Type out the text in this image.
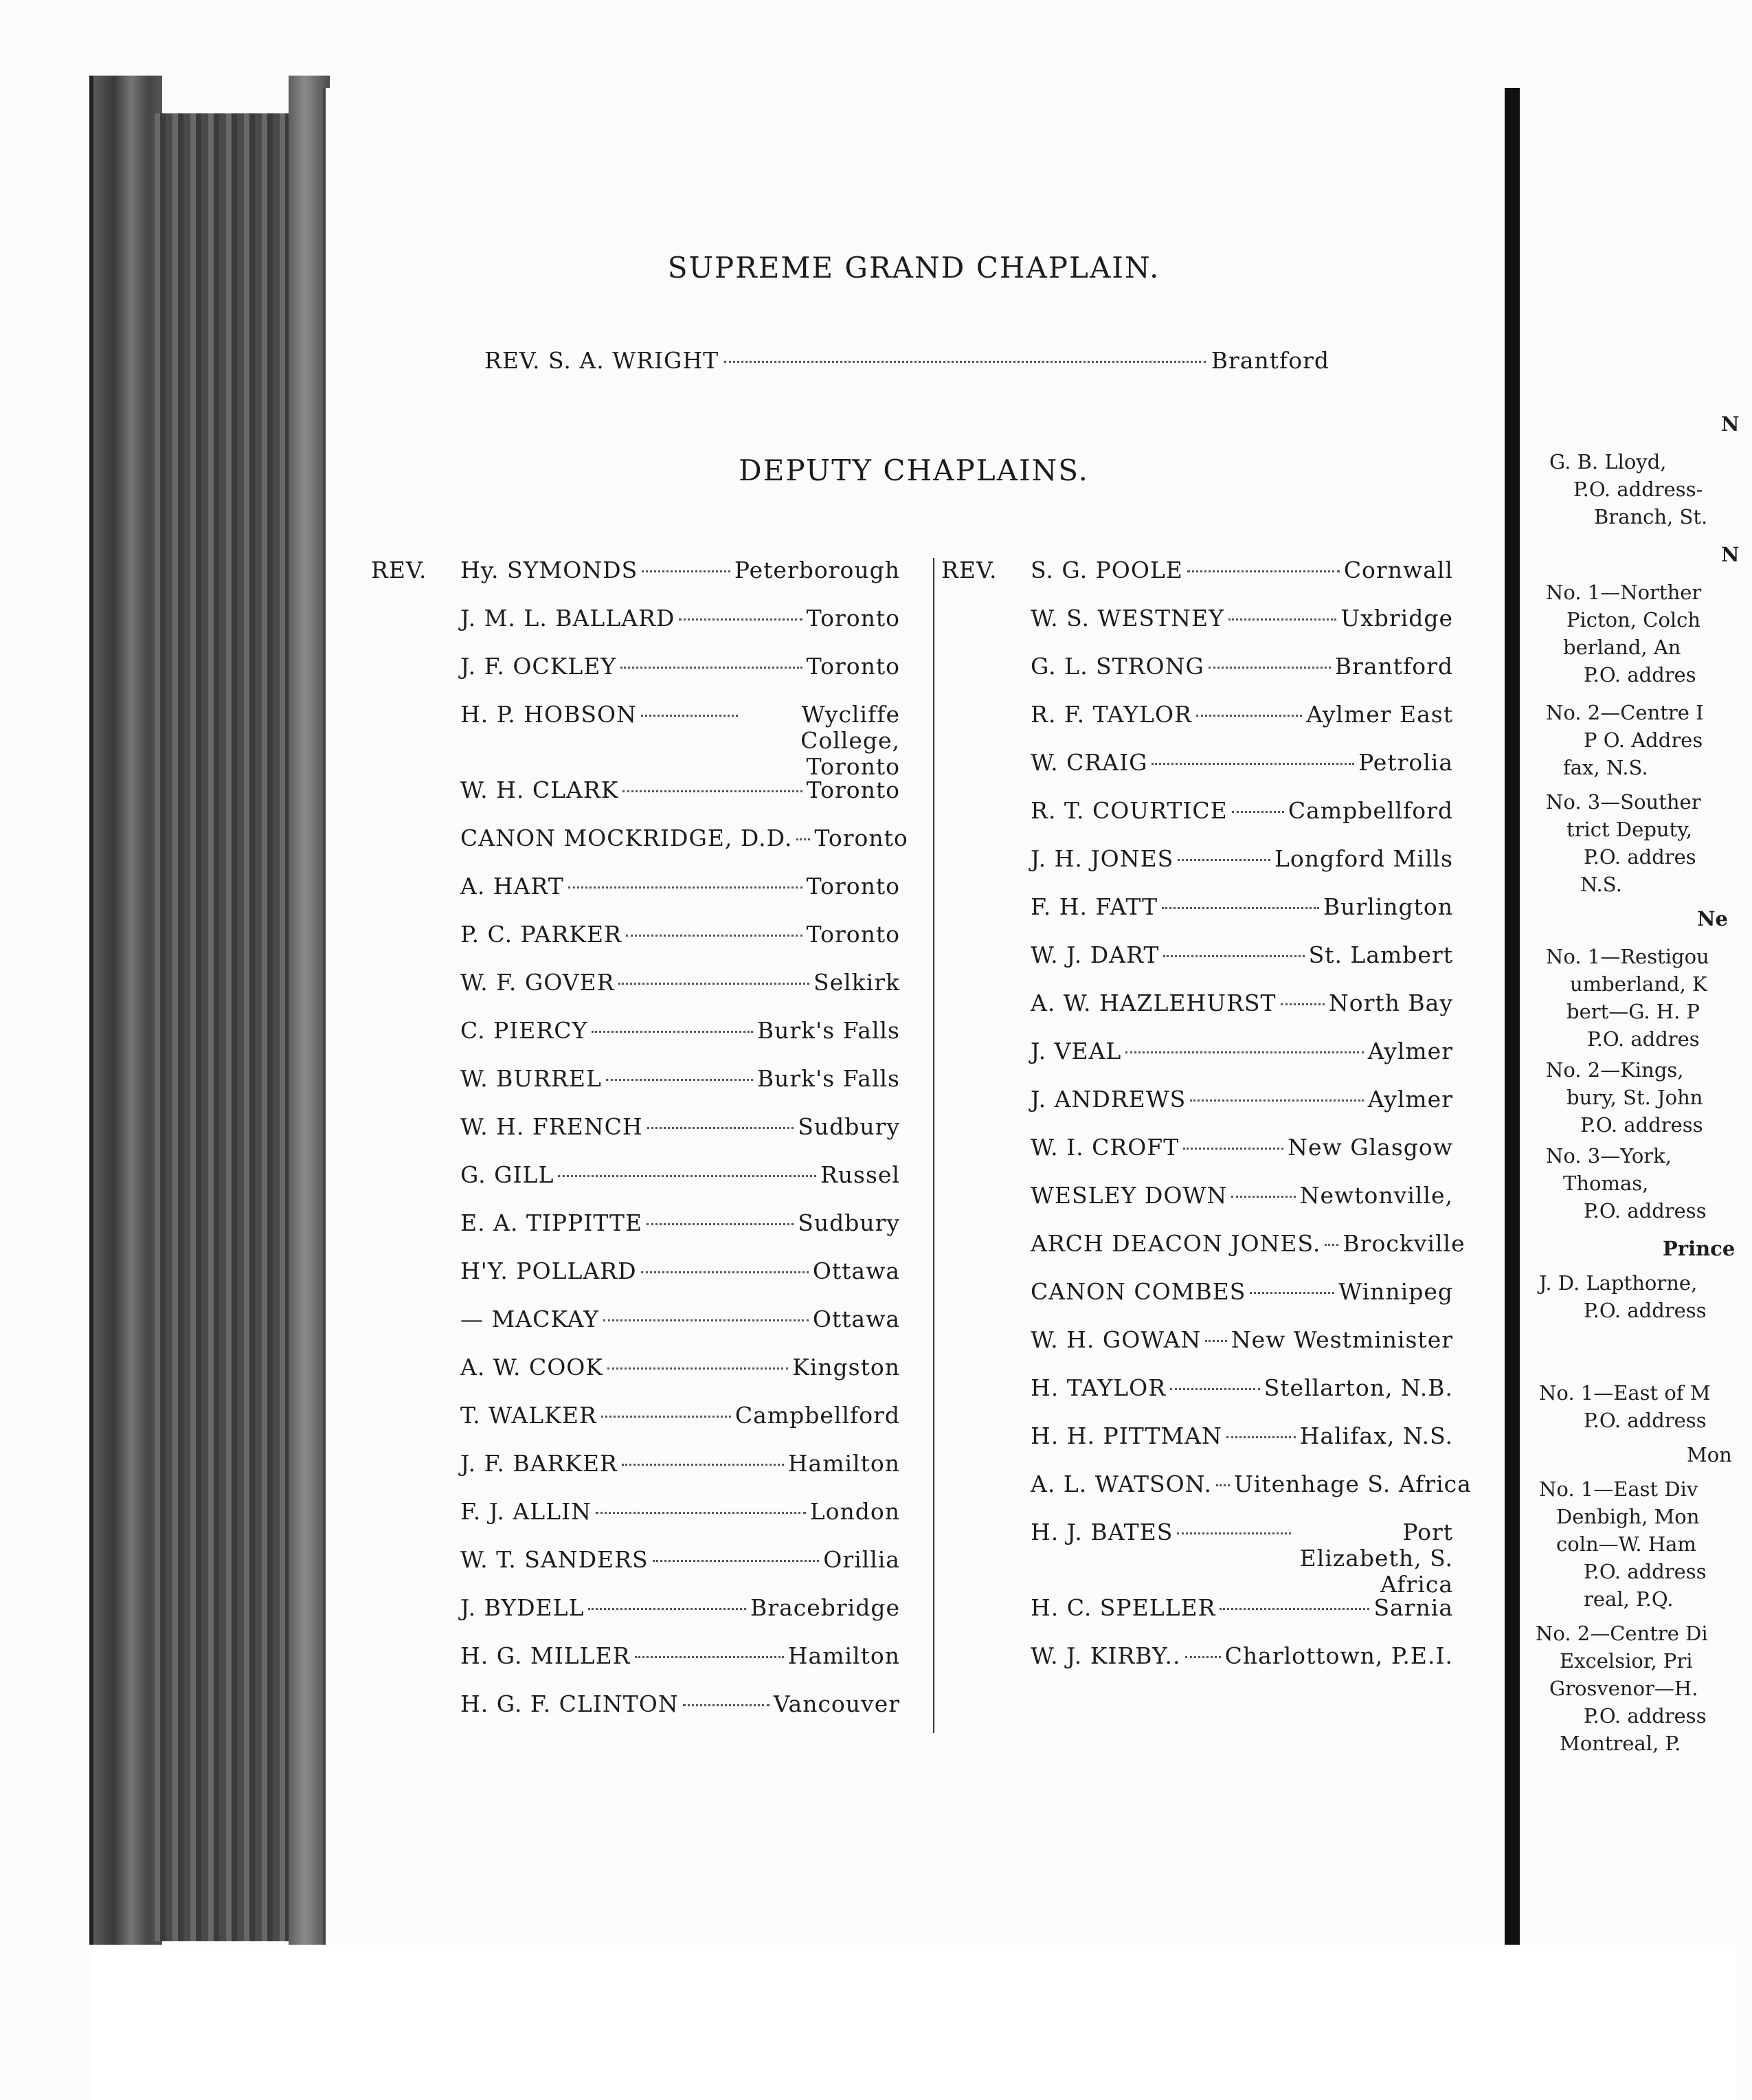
SUPREME GRAND CHAPLAIN.
REV. S. A. WRIGHT	Brantford
DEPUTY CHAPLAINS.
REV.	Hy. SYMONDS	Peterborough
J. M. L. BALLARD	Toronto
J. F. OCKLEY	Toronto
H. P. HOBSON	Wycliffe College, Toronto
W. H. CLARK	Toronto
CANON MOCKRIDGE, D.D. Toronto
A. HART	Toronto
P. C. PARKER	Toronto
W. F. GOVER	Selkirk
C. PIERCY	Burk's Falls
W. BURREL	Burk's Falls
W. H. FRENCH	Sudbury
G. GILL	Russel
E. A. TIPPITTE	Sudbury
H'Y. POLLARD	Ottawa
— MACKAY	Ottawa
A. W. COOK	Kingston
T. WALKER	Campbellford
J. F. BARKER	Hamilton
F. J. ALLIN	London
W. T. SANDERS	Orillia
J. BYDELL	Bracebridge
H. G. MILLER	Hamilton
H. G. F. CLINTON	Vancouver
REV.	S. G. POOLE	Cornwall
W. S. WESTNEY	Uxbridge
G. L. STRONG	Brantford
R. F. TAYLOR	Aylmer East
W. CRAIG	Petrolia
R. T. COURTICE	Campbellford
J. H. JONES	Longford Mills
F. H. FATT	Burlington
W. J. DART	St. Lambert
A. W. HAZLEHURST North Bay
J. VEAL	Aylmer
J. ANDREWS	Aylmer
W. I. CROFT	New Glasgow
WESLEY DOWN	Newtonville,
ARCH DEACON JONES. Brockville
CANON COMBES	Winnipeg
W. H. GOWAN New Westminister
H. TAYLOR	Stellarton, N.B.
H. H. PITTMAN	Halifax, N.S.
A. L. WATSON. Uitenhage S. Africa
H. J. BATES	Port Elizabeth, S. Africa
H. C. SPELLER	Sarnia
W. J. KIRBY.. Charlottown, P.E.I.
N
G. B. Lloyd,
P.O. address-
Branch, St.
N
No. 1—Norther
Picton, Colch
berland, An
P.O. addres
No. 2—Centre I
P O. Addres
fax, N.S.
No. 3—Souther
trict Deputy,
P.O. addres
N.S.
Ne
No. 1—Restigou
umberland, K
bert—G. H. P
P.O. addres
No. 2—Kings,
bury, St. John
P.O. address
No. 3—York,
Thomas,
P.O. address
Prince
J. D. Lapthorne,
P.O. address
No. 1—East of M
P.O. address
Mon
No. 1—East Div
Denbigh, Mon
coln—W. Ham
P.O. address
real, P.Q.
No. 2—Centre Di
Excelsior, Pri
Grosvenor—H.
P.O. address
Montreal, P.
